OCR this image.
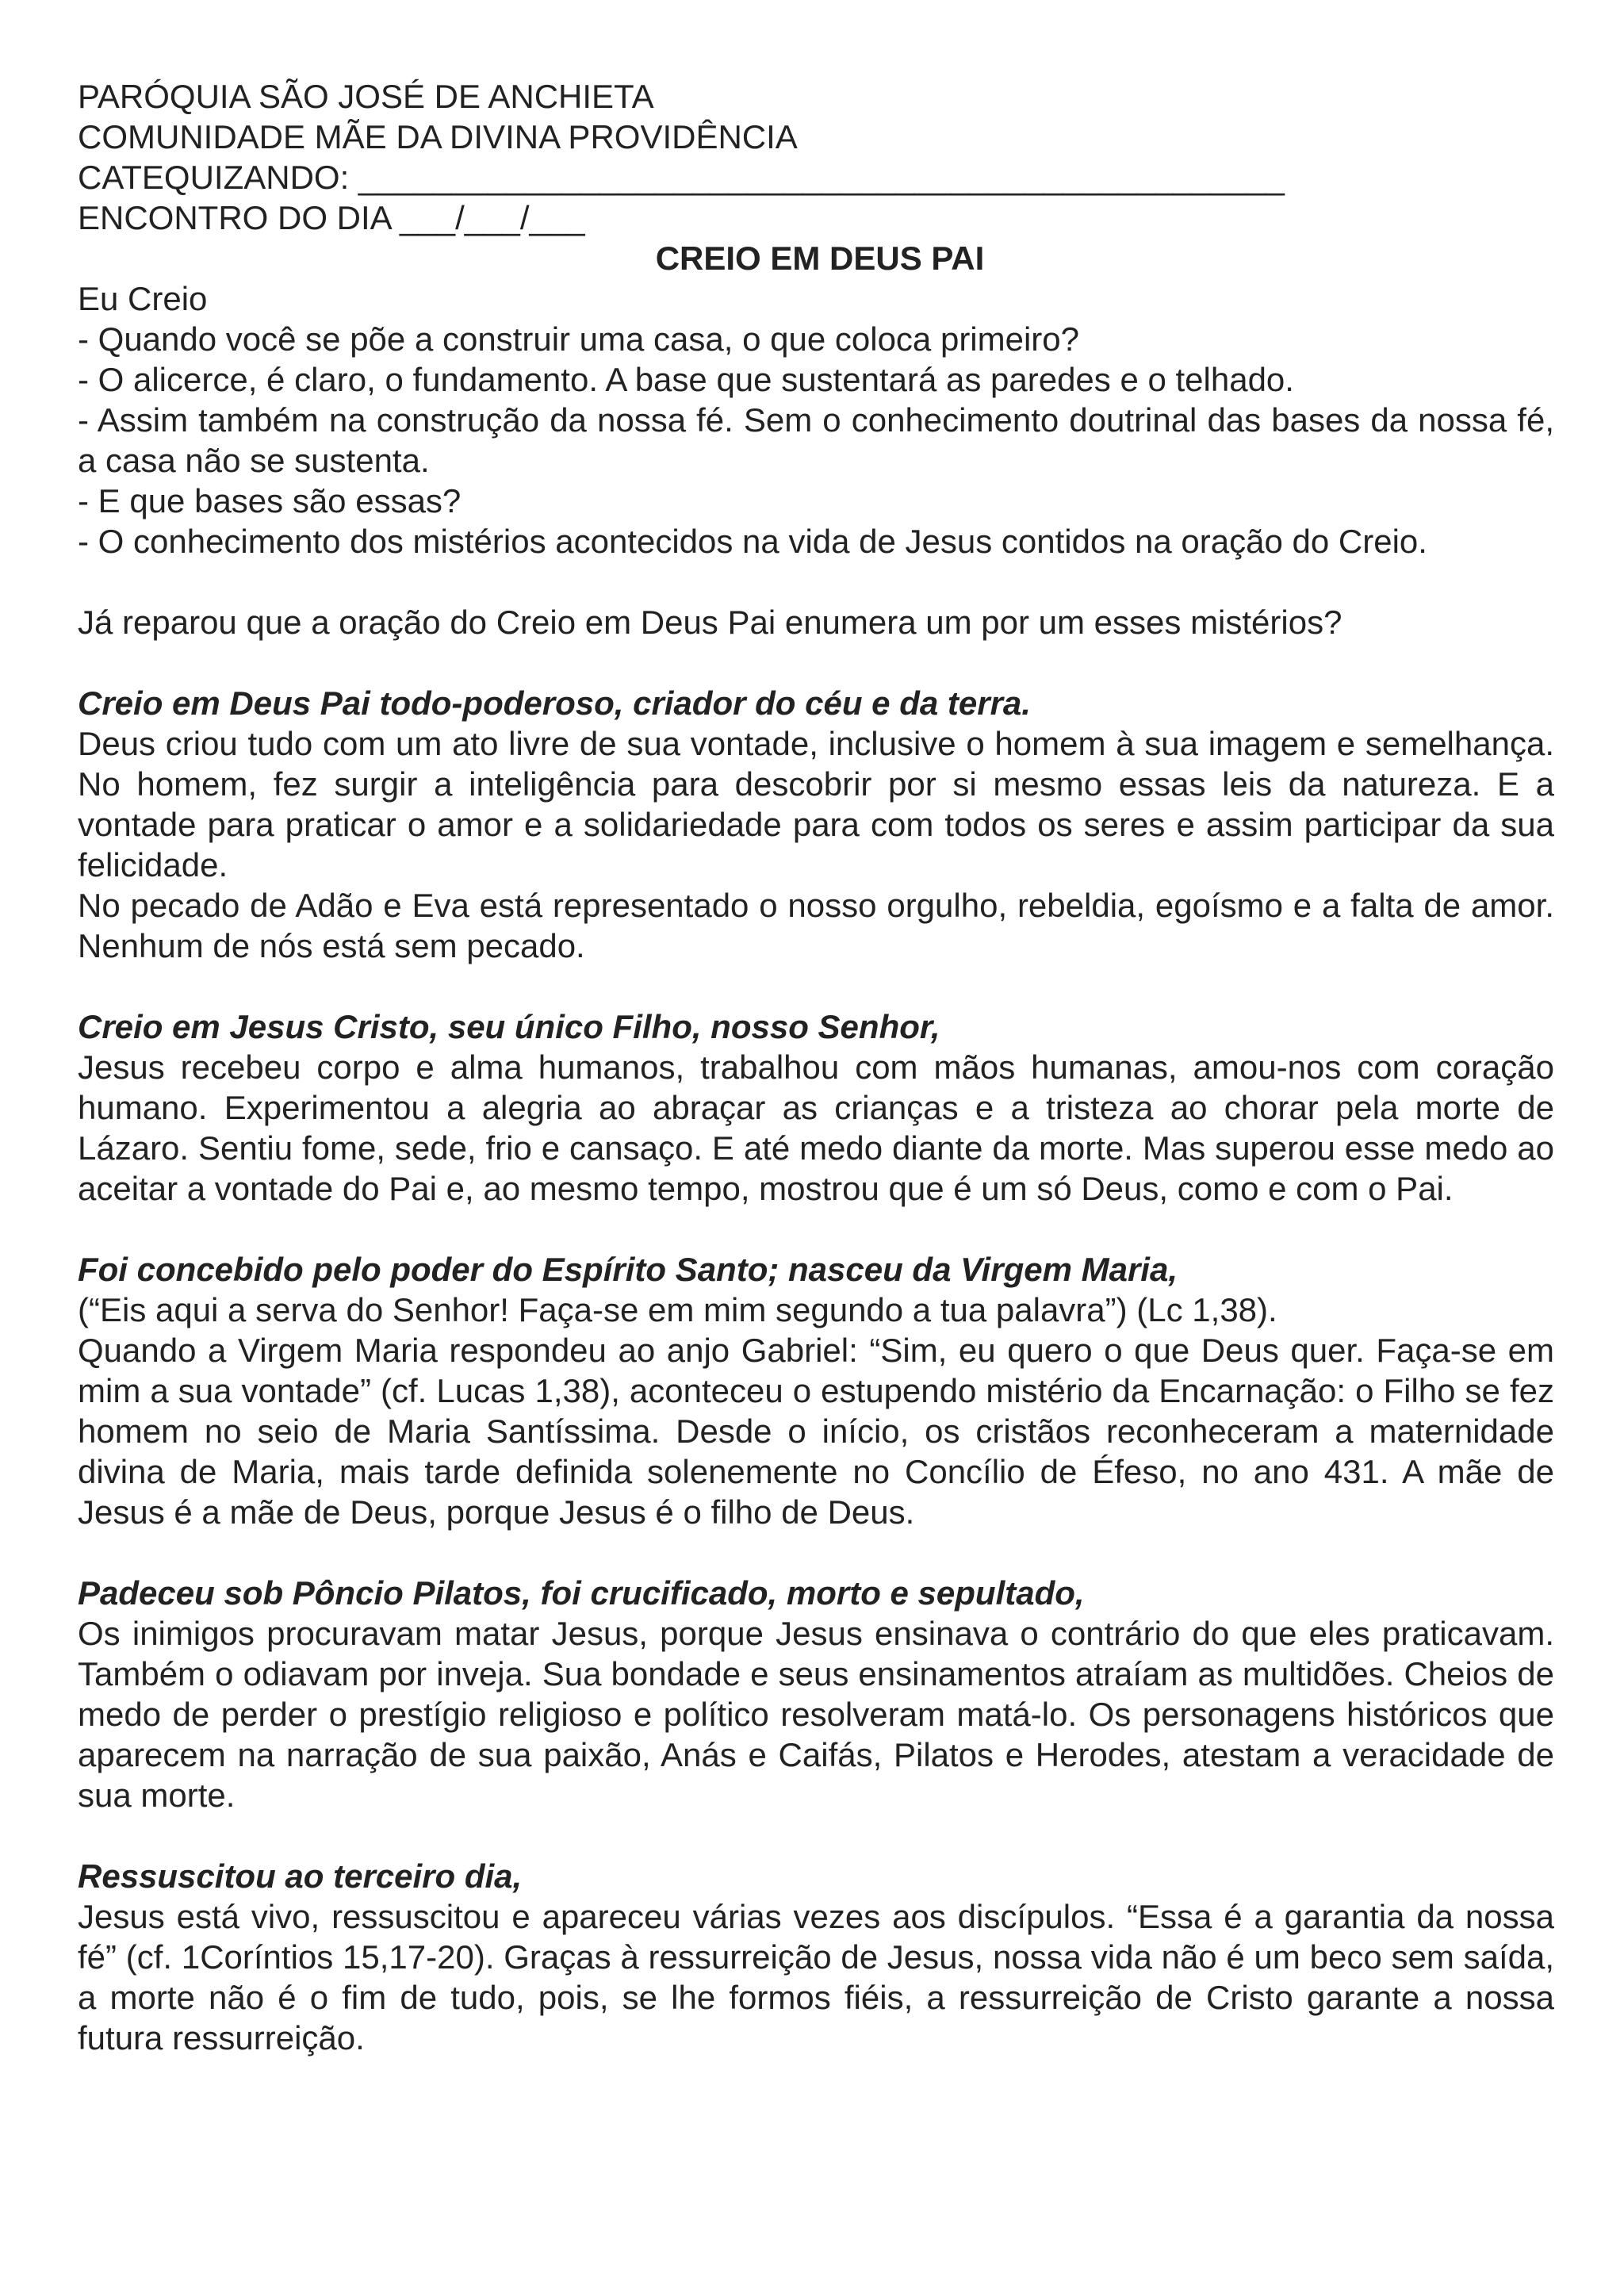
PARÓQUIA SÃO JOSÉ DE ANCHIETA
COMUNIDADE MÃE DA DIVINA PROVIDÊNCIA
CATEQUIZANDO: __________________________________________________
ENCONTRO DO DIA ___/___/___
CREIO EM DEUS PAI

Eu Creio

- Quando você se põe a construir uma casa, o que coloca primeiro?

- O alicerce, é claro, o fundamento. A base que sustentará as paredes e o telhado.

- Assim também na construção da nossa fé. Sem o conhecimento doutrinal das bases da nossa fé, a casa não se sustenta.

- E que bases são essas?

- O conhecimento dos mistérios acontecidos na vida de Jesus contidos na oração do Creio.

Já reparou que a oração do Creio em Deus Pai enumera um por um esses mistérios?

Creio em Deus Pai todo-poderoso, criador do céu e da terra.

Deus criou tudo com um ato livre de sua vontade, inclusive o homem à sua imagem e semelhança. No homem, fez surgir a inteligência para descobrir por si mesmo essas leis da natureza. E a vontade para praticar o amor e a solidariedade para com todos os seres e assim participar da sua felicidade.

No pecado de Adão e Eva está representado o nosso orgulho, rebeldia, egoísmo e a falta de amor. Nenhum de nós está sem pecado.

Creio em Jesus Cristo, seu único Filho, nosso Senhor,

Jesus recebeu corpo e alma humanos, trabalhou com mãos humanas, amou-nos com coração humano. Experimentou a alegria ao abraçar as crianças e a tristeza ao chorar pela morte de Lázaro. Sentiu fome, sede, frio e cansaço. E até medo diante da morte. Mas superou esse medo ao aceitar a vontade do Pai e, ao mesmo tempo, mostrou que é um só Deus, como e com o Pai.

Foi concebido pelo poder do Espírito Santo; nasceu da Virgem Maria,

(“Eis aqui a serva do Senhor! Faça-se em mim segundo a tua palavra”) (Lc 1,38).

Quando a Virgem Maria respondeu ao anjo Gabriel: “Sim, eu quero o que Deus quer. Faça-se em mim a sua vontade” (cf. Lucas 1,38), aconteceu o estupendo mistério da Encarnação: o Filho se fez homem no seio de Maria Santíssima. Desde o início, os cristãos reconheceram a maternidade divina de Maria, mais tarde definida solenemente no Concílio de Éfeso, no ano 431. A mãe de Jesus é a mãe de Deus, porque Jesus é o filho de Deus.

Padeceu sob Pôncio Pilatos, foi crucificado, morto e sepultado,

Os inimigos procuravam matar Jesus, porque Jesus ensinava o contrário do que eles praticavam. Também o odiavam por inveja. Sua bondade e seus ensinamentos atraíam as multidões. Cheios de medo de perder o prestígio religioso e político resolveram matá-lo. Os personagens históricos que aparecem na narração de sua paixão, Anás e Caifás, Pilatos e Herodes, atestam a veracidade de sua morte.

Ressuscitou ao terceiro dia,

Jesus está vivo, ressuscitou e apareceu várias vezes aos discípulos. “Essa é a garantia da nossa fé” (cf. 1Coríntios 15,17-20). Graças à ressurreição de Jesus, nossa vida não é um beco sem saída, a morte não é o fim de tudo, pois, se lhe formos fiéis, a ressurreição de Cristo garante a nossa futura ressurreição.
